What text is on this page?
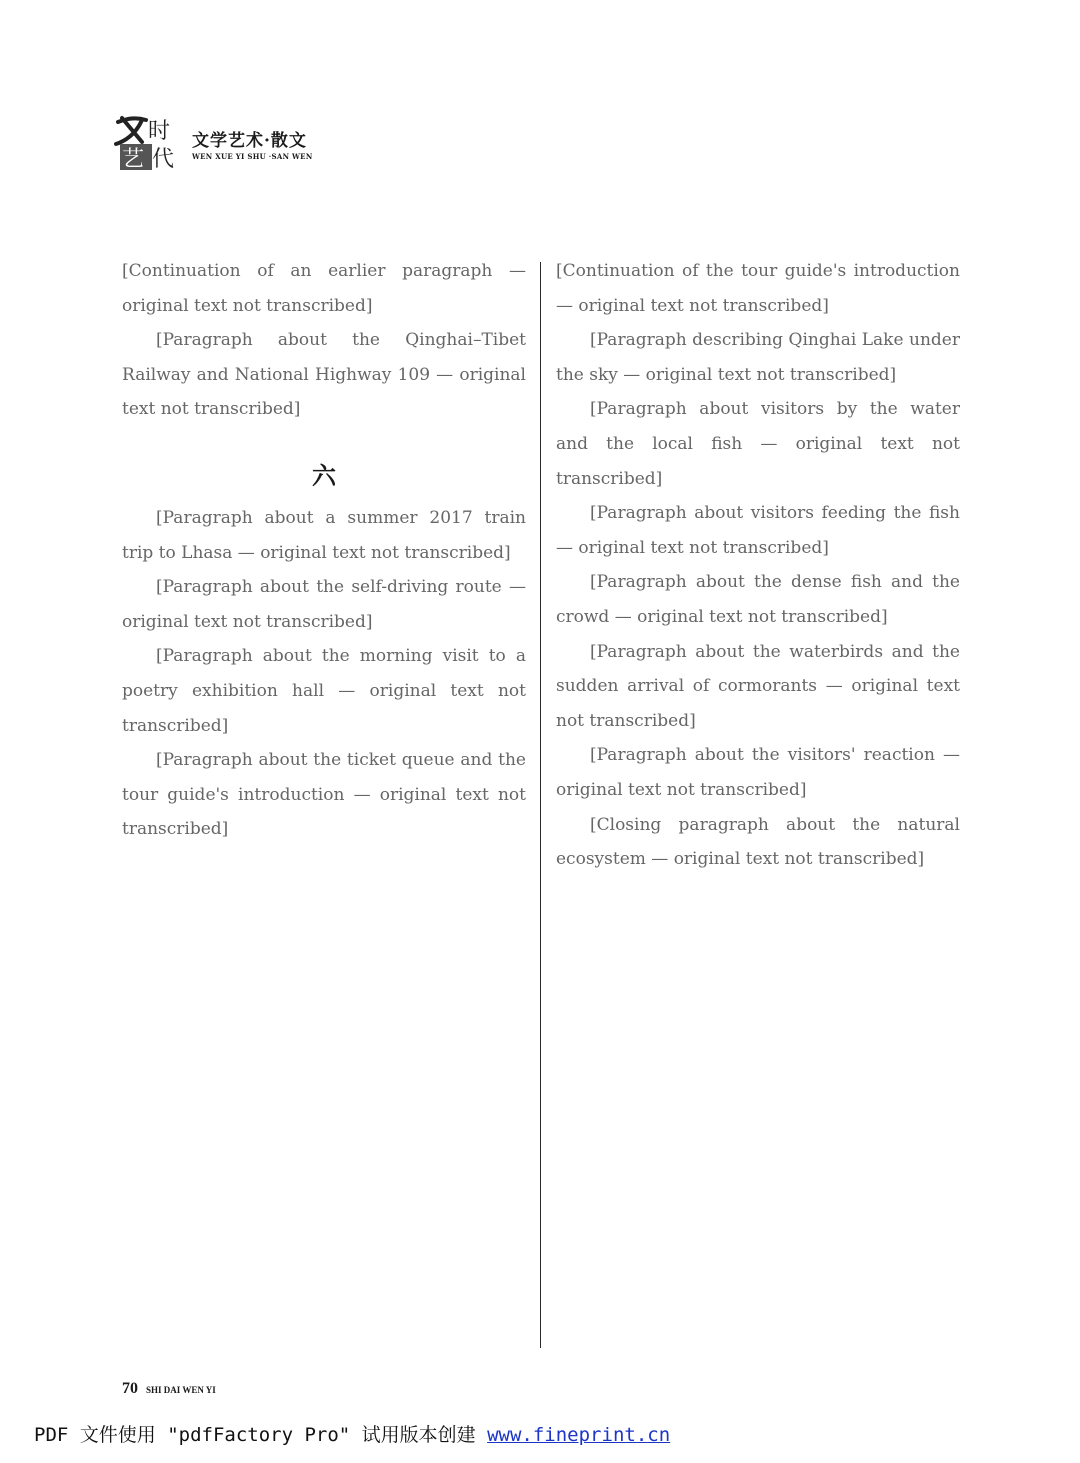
时
艺 代
文学艺术·散文
WEN XUE YI SHU ·SAN WEN

[Continuation of an earlier paragraph — original text not transcribed]

[Paragraph about the Qinghai–Tibet Railway and National Highway 109 — original text not transcribed]

六

[Paragraph about a summer 2017 train trip to Lhasa — original text not transcribed]

[Paragraph about the self-driving route — original text not transcribed]

[Paragraph about the morning visit to a poetry exhibition hall — original text not transcribed]

[Paragraph about the ticket queue and the tour guide's introduction — original text not transcribed]

[Continuation of the tour guide's introduction — original text not transcribed]

[Paragraph describing Qinghai Lake under the sky — original text not transcribed]

[Paragraph about visitors by the water and the local fish — original text not transcribed]

[Paragraph about visitors feeding the fish — original text not transcribed]

[Paragraph about the dense fish and the crowd — original text not transcribed]

[Paragraph about the waterbirds and the sudden arrival of cormorants — original text not transcribed]

[Paragraph about the visitors' reaction — original text not transcribed]

[Closing paragraph about the natural ecosystem — original text not transcribed]

70 SHI DAI WEN YI
PDF 文件使用 "pdfFactory Pro" 试用版本创建 www.fineprint.cn
